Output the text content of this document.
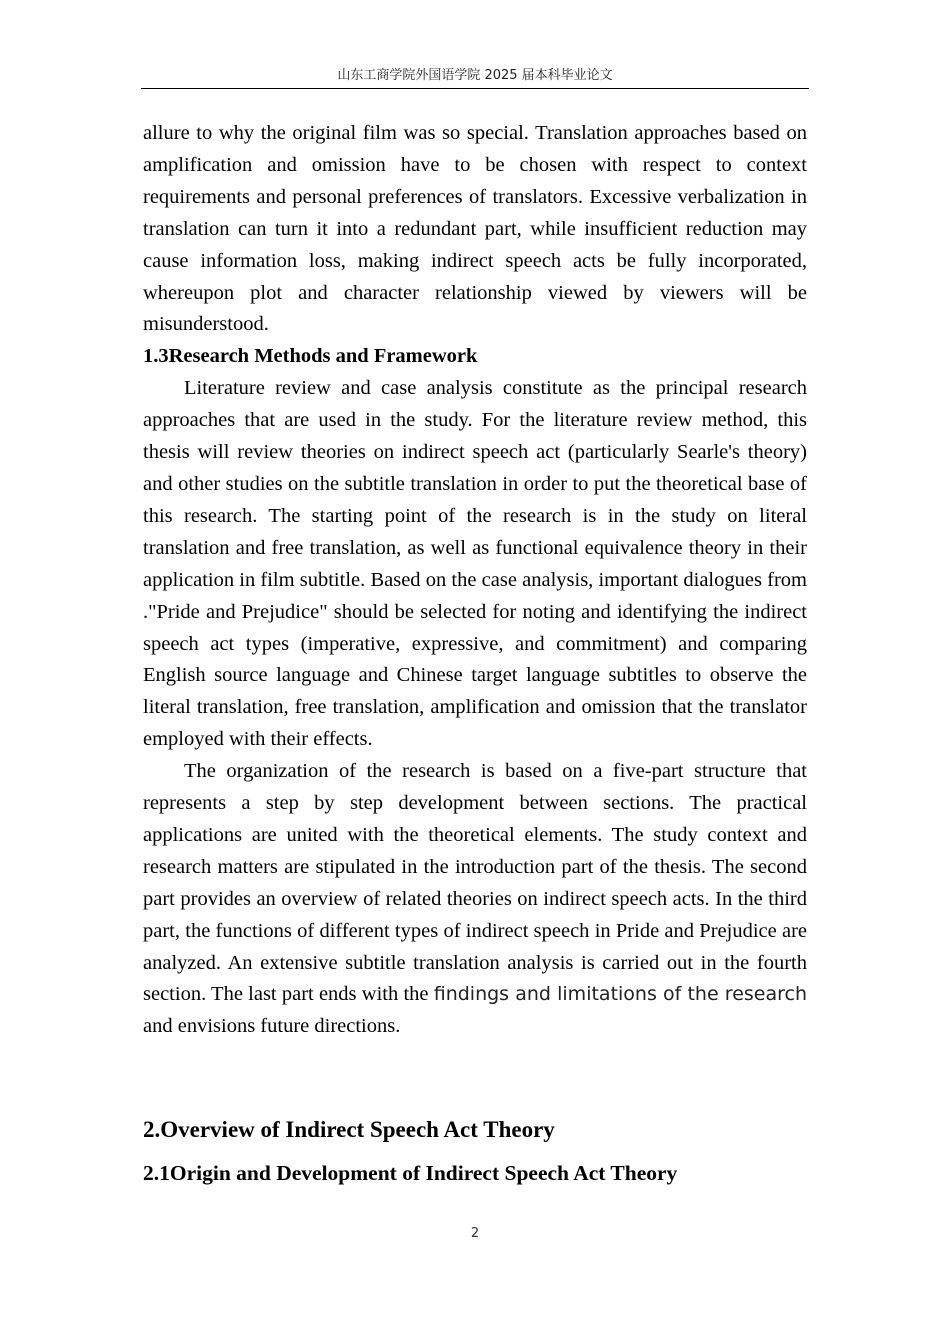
山东工商学院外国语学院 2025 届本科毕业论文

allure to why the original film was so special. Translation approaches based on amplification and omission have to be chosen with respect to context requirements and personal preferences of translators. Excessive verbalization in translation can turn it into a redundant part, while insufficient reduction may cause information loss, making indirect speech acts be fully incorporated, whereupon plot and character relationship viewed by viewers will be misunderstood.

1.3Research Methods and Framework

Literature review and case analysis constitute as the principal research approaches that are used in the study. For the literature review method, this thesis will review theories on indirect speech act (particularly Searle's theory) and other studies on the subtitle translation in order to put the theoretical base of this research. The starting point of the research is in the study on literal translation and free translation, as well as functional equivalence theory in their application in film subtitle. Based on the case analysis, important dialogues from ."Pride and Prejudice" should be selected for noting and identifying the indirect speech act types (imperative, expressive, and commitment) and comparing English source language and Chinese target language subtitles to observe the literal translation, free translation, amplification and omission that the translator employed with their effects.

The organization of the research is based on a five-part structure that represents a step by step development between sections. The practical applications are united with the theoretical elements. The study context and research matters are stipulated in the introduction part of the thesis. The second part provides an overview of related theories on indirect speech acts. In the third part, the functions of different types of indirect speech in Pride and Prejudice are analyzed. An extensive subtitle translation analysis is carried out in the fourth section. The last part ends with the findings and limitations of the research and envisions future directions.

2.Overview of Indirect Speech Act Theory
2.1Origin and Development of Indirect Speech Act Theory
2
